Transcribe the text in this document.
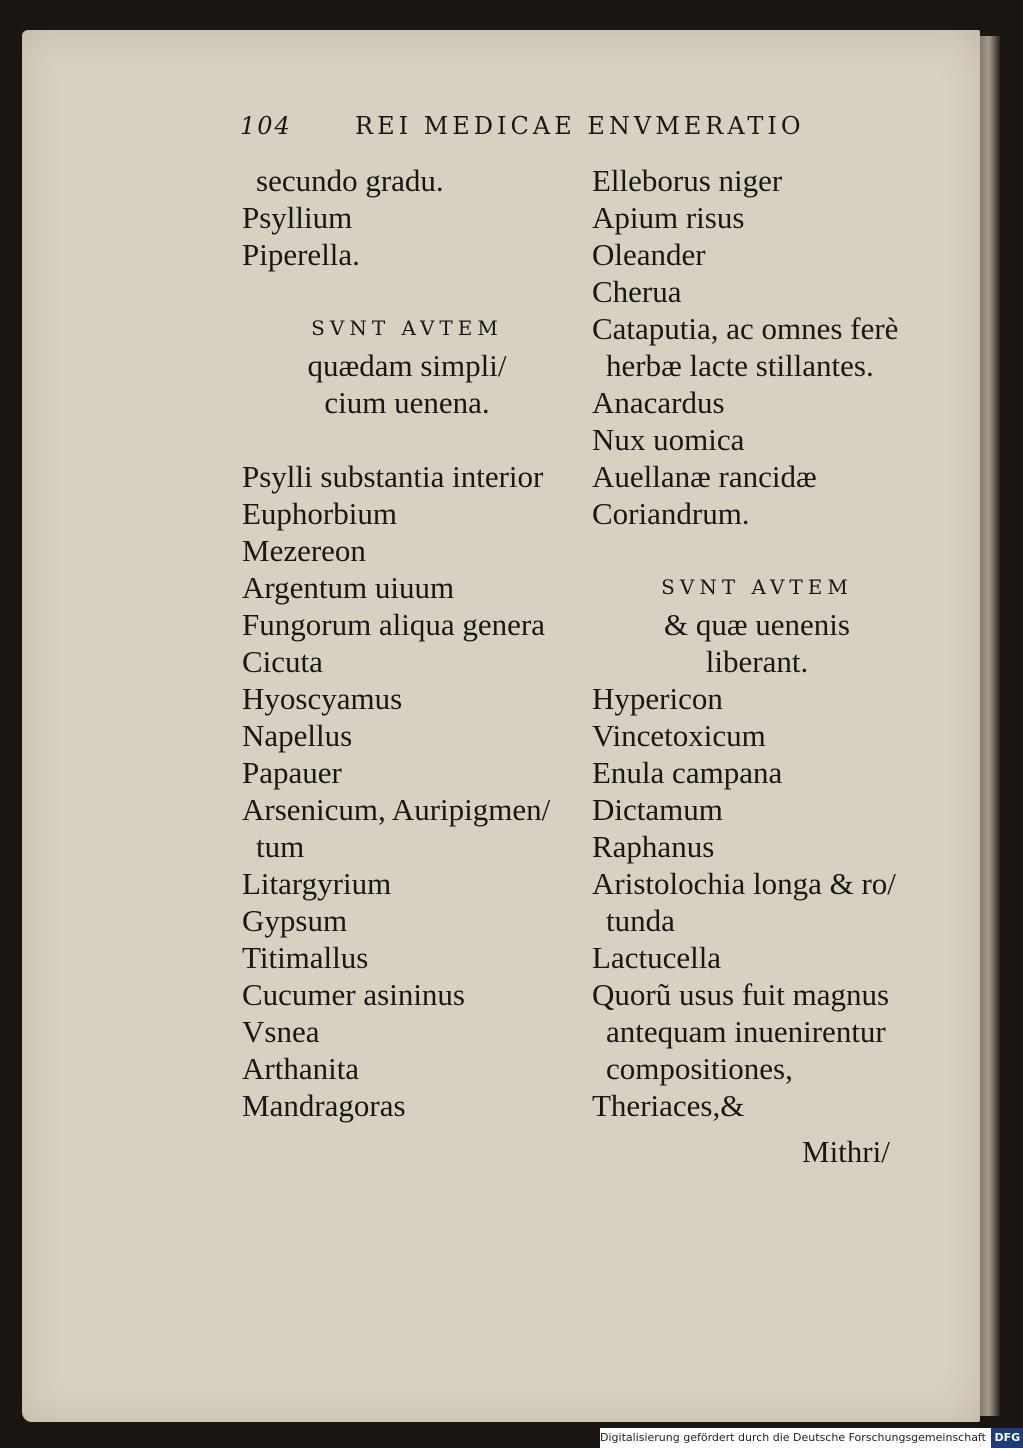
104	REI MEDICAE ENVMERATIO
secundo gradu.
Psyllium
Piperella.
SVNT AVTEM
quædam simpli/
cium uenena.
Psylli substantia interior
Euphorbium
Mezereon
Argentum uiuum
Fungorum aliqua genera
Cicuta
Hyoscyamus
Napellus
Papauer
Arsenicum, Auripigmen/
tum
Litargyrium
Gypsum
Titimallus
Cucumer asininus
Vsnea
Arthanita
Mandragoras
Elleborus niger
Apium risus
Oleander
Cherua
Cataputia, ac omnes ferè
herbæ lacte stillantes.
Anacardus
Nux uomica
Auellanæ rancidæ
Coriandrum.
SVNT AVTEM
& quæ uenenis
liberant.
Hypericon
Vincetoxicum
Enula campana
Dictamum
Raphanus
Aristolochia longa & ro/
tunda
Lactucella
Quorũ usus fuit magnus
antequam inuenirentur
compositiones,
Theriaces,&
Mithri/
Digitalisierung gefördert durch die Deutsche Forschungsgemeinschaft DFG
